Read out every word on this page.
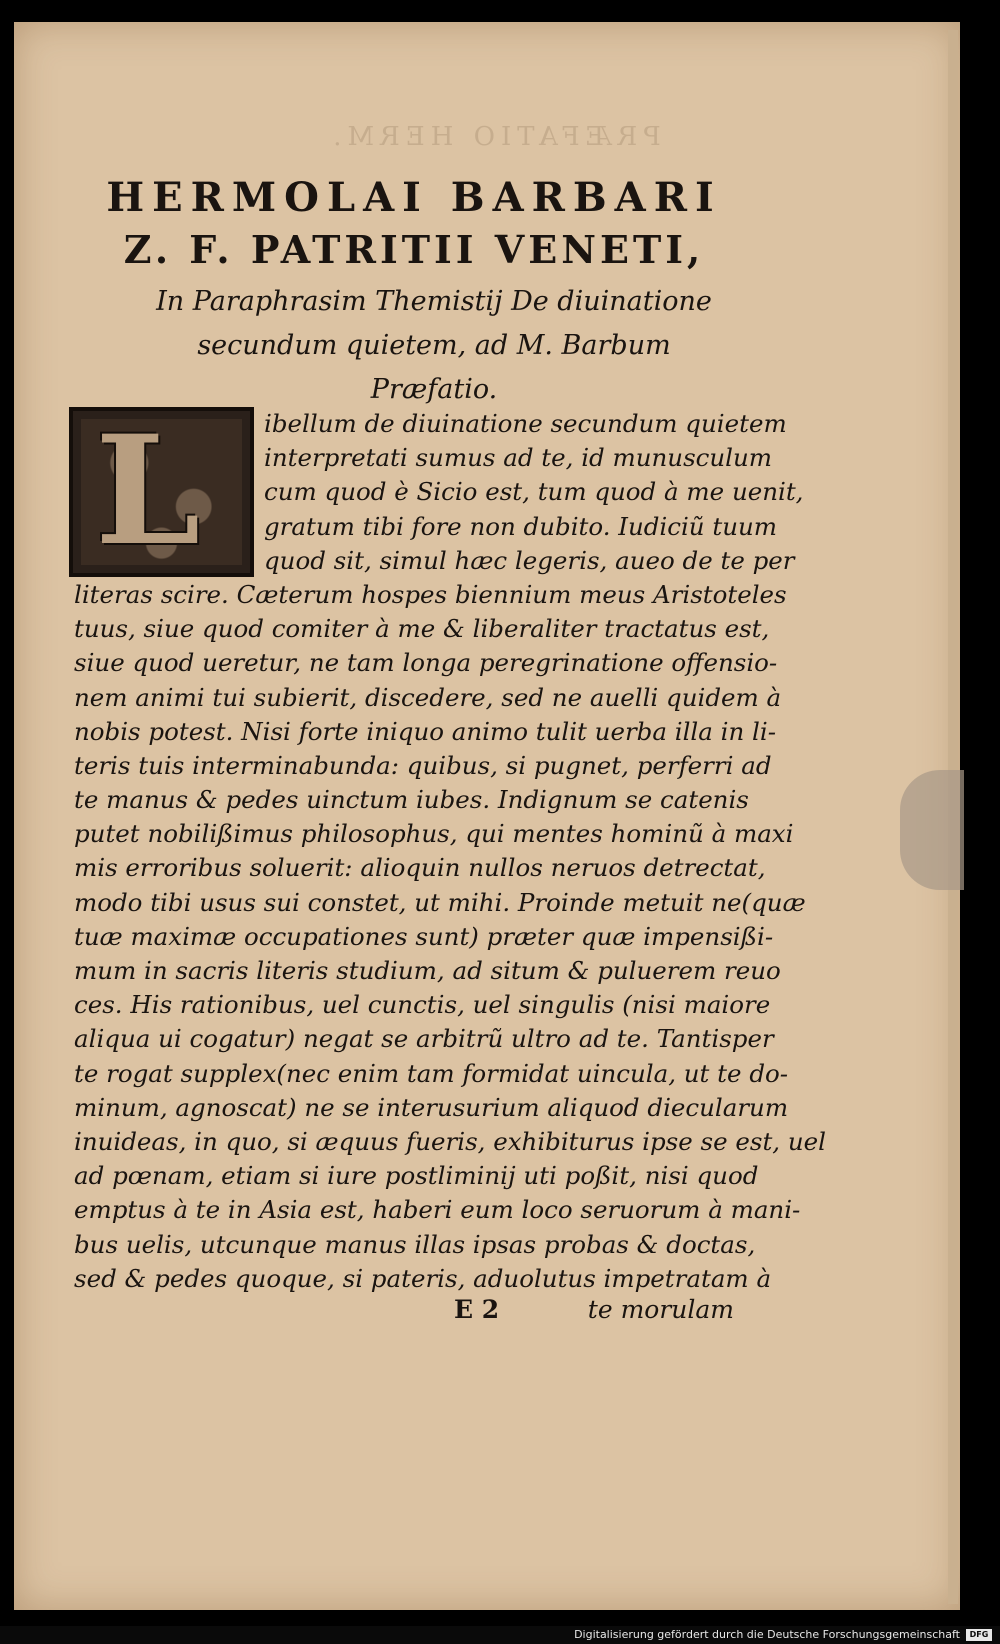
PRÆFATIO HERM.
HERMOLAI BARBARI
Z. F. PATRITII VENETI,
In Paraphrasim Themistij De diuinatione
secundum quietem, ad M. Barbum
Præfatio.
L	ibellum de diuinatione secundum quietem
interpretati sumus ad te, id munusculum
cum quod è Sicio est, tum quod à me uenit,
gratum tibi fore non dubito. Iudiciũ tuum
quod sit, simul hæc legeris, aueo de te per
literas scire. Cæterum hospes biennium meus Aristoteles
tuus, siue quod comiter à me & liberaliter tractatus est,
siue quod ueretur, ne tam longa peregrinatione offensio-
nem animi tui subierit, discedere, sed ne auelli quidem à
nobis potest. Nisi forte iniquo animo tulit uerba illa in li-
teris tuis interminabunda: quibus, si pugnet, perferri ad
te manus & pedes uinctum iubes. Indignum se catenis
putet nobilißimus philosophus, qui mentes hominũ à maxi
mis erroribus soluerit: alioquin nullos neruos detrectat,
modo tibi usus sui constet, ut mihi. Proinde metuit ne(quæ
tuæ maximæ occupationes sunt) præter quæ impensißi-
mum in sacris literis studium, ad situm & puluerem reuo
ces. His rationibus, uel cunctis, uel singulis (nisi maiore
aliqua ui cogatur) negat se arbitrũ ultro ad te. Tantisper
te rogat supplex(nec enim tam formidat uincula, ut te do-
minum, agnoscat) ne se interusurium aliquod diecularum
inuideas, in quo, si æquus fueris, exhibiturus ipse se est, uel
ad pœnam, etiam si iure postliminij uti poßit, nisi quod
emptus à te in Asia est, haberi eum loco seruorum à mani-
bus uelis, utcunque manus illas ipsas probas & doctas,
sed & pedes quoque, si pateris, aduolutus impetratam à
E 2	te morulam
Digitalisierung gefördert durch die Deutsche Forschungsgemeinschaft	DFG
